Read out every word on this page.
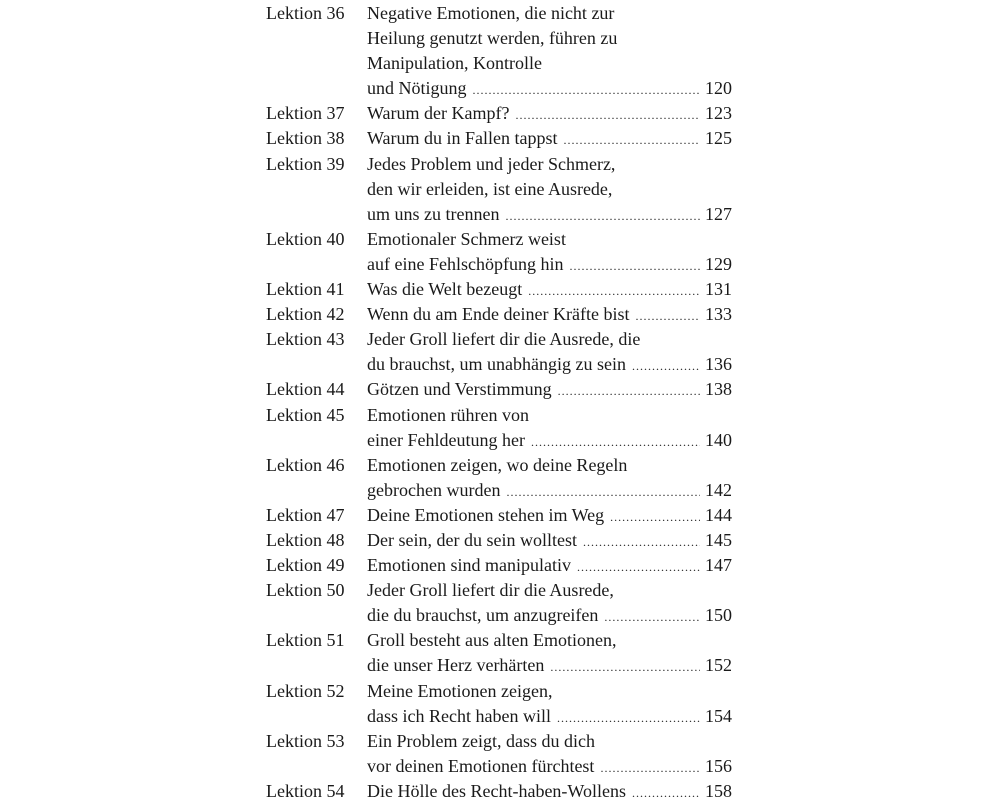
Lektion 36	Negative Emotionen, die nicht zur
Heilung genutzt werden, führen zu
Manipulation, Kontrolle
und Nötigung .....	120
Lektion 37	Warum der Kampf? .....	123
Lektion 38	Warum du in Fallen tappst .....	125
Lektion 39	Jedes Problem und jeder Schmerz,
den wir erleiden, ist eine Ausrede,
um uns zu trennen .....	127
Lektion 40	Emotionaler Schmerz weist
auf eine Fehlschöpfung hin .....	129
Lektion 41	Was die Welt bezeugt .....	131
Lektion 42	Wenn du am Ende deiner Kräfte bist .....	133
Lektion 43	Jeder Groll liefert dir die Ausrede, die
du brauchst, um unabhängig zu sein .....	136
Lektion 44	Götzen und Verstimmung .....	138
Lektion 45	Emotionen rühren von
einer Fehldeutung her .....	140
Lektion 46	Emotionen zeigen, wo deine Regeln
gebrochen wurden .....	142
Lektion 47	Deine Emotionen stehen im Weg .....	144
Lektion 48	Der sein, der du sein wolltest .....	145
Lektion 49	Emotionen sind manipulativ .....	147
Lektion 50	Jeder Groll liefert dir die Ausrede,
die du brauchst, um anzugreifen .....	150
Lektion 51	Groll besteht aus alten Emotionen,
die unser Herz verhärten .....	152
Lektion 52	Meine Emotionen zeigen,
dass ich Recht haben will .....	154
Lektion 53	Ein Problem zeigt, dass du dich
vor deinen Emotionen fürchtest .....	156
Lektion 54	Die Hölle des Recht-haben-Wollens .....	158
